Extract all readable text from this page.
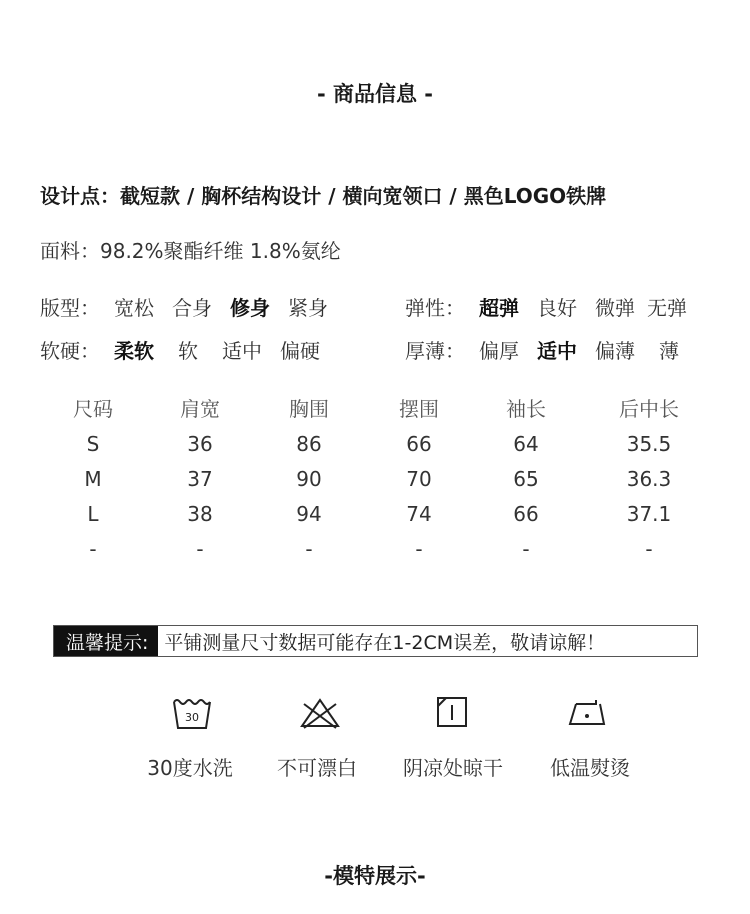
- 商品信息 -
设计点：截短款 / 胸杯结构设计 / 横向宽领口 / 黑色LOGO铁牌
面料：98.2%聚酯纤维 1.8%氨纶
版型： 宽松 合身 修身 紧身
软硬： 柔软 软 适中 偏硬
弹性： 超弹 良好 微弹 无弹
厚薄： 偏厚 适中 偏薄 薄
尺码	肩宽	胸围	摆围	袖长	后中长
S	36	86	66	64	35.5
M	37	90	70	65	36.3
L	38	94	74	66	37.1
-	-	-	-	-	-
温馨提示: 平铺测量尺寸数据可能存在1-2CM误差，敬请谅解！
30
30度水洗	不可漂白	阴凉处晾干	低温熨烫
-模特展示-
